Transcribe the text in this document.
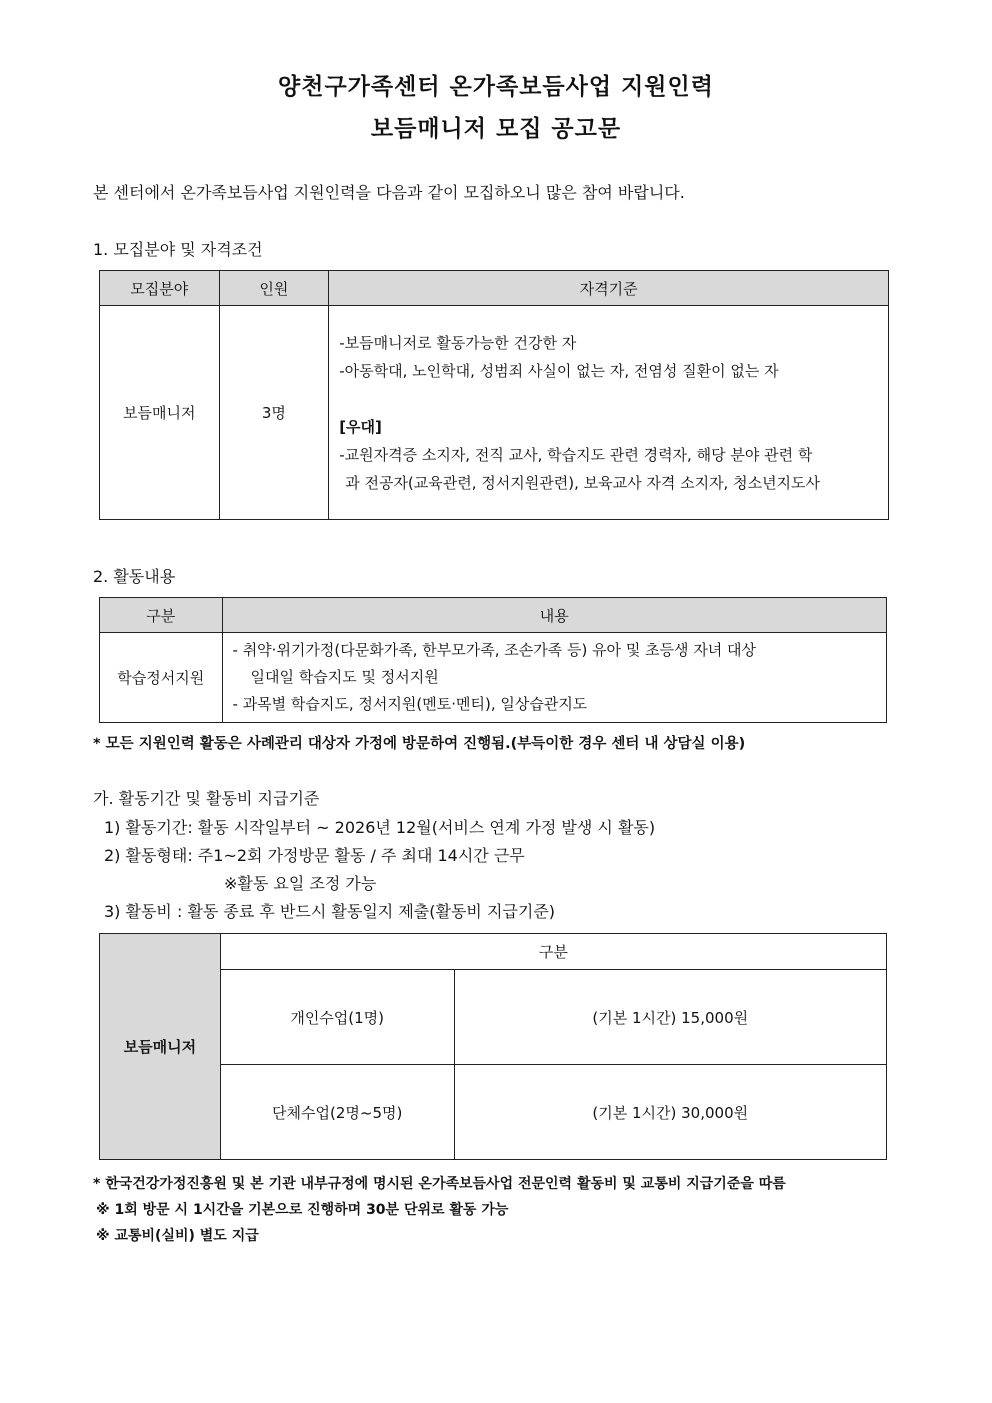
양천구가족센터 온가족보듬사업 지원인력
보듬매니저 모집 공고문
본 센터에서 온가족보듬사업 지원인력을 다음과 같이 모집하오니 많은 참여 바랍니다.
1. 모집분야 및 자격조건
모집분야	인원	자격기준
보듬매니저	3명	-보듬매니저로 활동가능한 건강한 자
-아동학대, 노인학대, 성범죄 사실이 없는 자, 전염성 질환이 없는 자
[우대]
-교원자격증 소지자, 전직 교사, 학습지도 관련 경력자, 해당 분야 관련 학
과 전공자(교육관련, 정서지원관련), 보육교사 자격 소지자, 청소년지도사
2. 활동내용
구분	내용
학습정서지원	- 취약·위기가정(다문화가족, 한부모가족, 조손가족 등) 유아 및 초등생 자녀 대상
일대일 학습지도 및 정서지원
- 과목별 학습지도, 정서지원(멘토·멘티), 일상습관지도
* 모든 지원인력 활동은 사례관리 대상자 가정에 방문하여 진행됨.(부득이한 경우 센터 내 상담실 이용)
가. 활동기간 및 활동비 지급기준
1) 활동기간: 활동 시작일부터 ~ 2026년 12월(서비스 연계 가정 발생 시 활동)
2) 활동형태: 주1~2회 가정방문 활동 / 주 최대 14시간 근무
※활동 요일 조정 가능
3) 활동비 : 활동 종료 후 반드시 활동일지 제출(활동비 지급기준)
보듬매니저	구분	
	개인수업(1명)	(기본 1시간) 15,000원
	단체수업(2명~5명)	(기본 1시간) 30,000원
* 한국건강가정진흥원 및 본 기관 내부규정에 명시된 온가족보듬사업 전문인력 활동비 및 교통비 지급기준을 따름
※ 1회 방문 시 1시간을 기본으로 진행하며 30분 단위로 활동 가능
※ 교통비(실비) 별도 지급
